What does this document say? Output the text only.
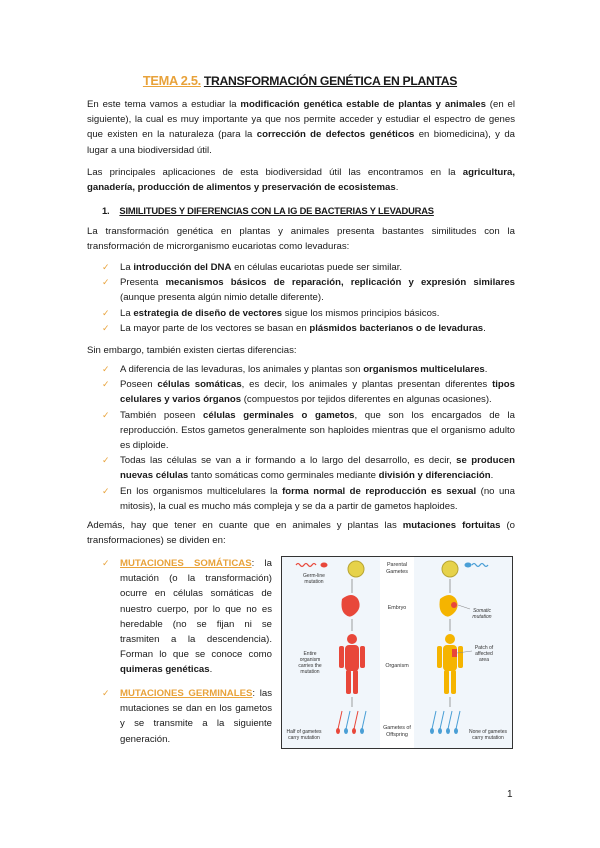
TEMA 2.5. TRANSFORMACIÓN GENÉTICA EN PLANTAS
En este tema vamos a estudiar la modificación genética estable de plantas y animales (en el siguiente), la cual es muy importante ya que nos permite acceder y estudiar el espectro de genes que existen en la naturaleza (para la corrección de defectos genéticos en biomedicina), y da lugar a una biodiversidad útil.
Las principales aplicaciones de esta biodiversidad útil las encontramos en la agricultura, ganadería, producción de alimentos y preservación de ecosistemas.
1. SIMILITUDES Y DIFERENCIAS CON LA IG DE BACTERIAS Y LEVADURAS
La transformación genética en plantas y animales presenta bastantes similitudes con la transformación de microrganismo eucariotas como levaduras:
✓ La introducción del DNA en células eucariotas puede ser similar.
✓ Presenta mecanismos básicos de reparación, replicación y expresión similares (aunque presenta algún nimio detalle diferente).
✓ La estrategia de diseño de vectores sigue los mismos principios básicos.
✓ La mayor parte de los vectores se basan en plásmidos bacterianos o de levaduras.
Sin embargo, también existen ciertas diferencias:
✓ A diferencia de las levaduras, los animales y plantas son organismos multicelulares.
✓ Poseen células somáticas, es decir, los animales y plantas presentan diferentes tipos celulares y varios órganos (compuestos por tejidos diferentes en algunas ocasiones).
✓ También poseen células germinales o gametos, que son los encargados de la reproducción. Estos gametos generalmente son haploides mientras que el organismo adulto es diploide.
✓ Todas las células se van a ir formando a lo largo del desarrollo, es decir, se producen nuevas células tanto somáticas como germinales mediante división y diferenciación.
✓ En los organismos multicelulares la forma normal de reproducción es sexual (no una mitosis), la cual es mucho más compleja y se da a partir de gametos haploides.
Además, hay que tener en cuante que en animales y plantas las mutaciones fortuitas (o transformaciones) se dividen en:
✓	MUTACIONES SOMÁTICAS: la mutación (o la transformación) ocurre en células somáticas de nuestro cuerpo, por lo que no es heredable (no se fijan ni se trasmiten a la descendencia). Forman lo que se conoce como quimeras genéticas.
✓	MUTACIONES GERMINALES: las mutaciones se dan en los gametos y se transmite a la siguiente generación.
Parental
Gametes
Embryo
Organism
Gametes of
Offspring
Germ-line
mutation
Entire
organism
carries the
mutation
Half of gametes
carry mutation
Somatic
mutation
Patch of
affected
area
None of gametes
carry mutation
1
